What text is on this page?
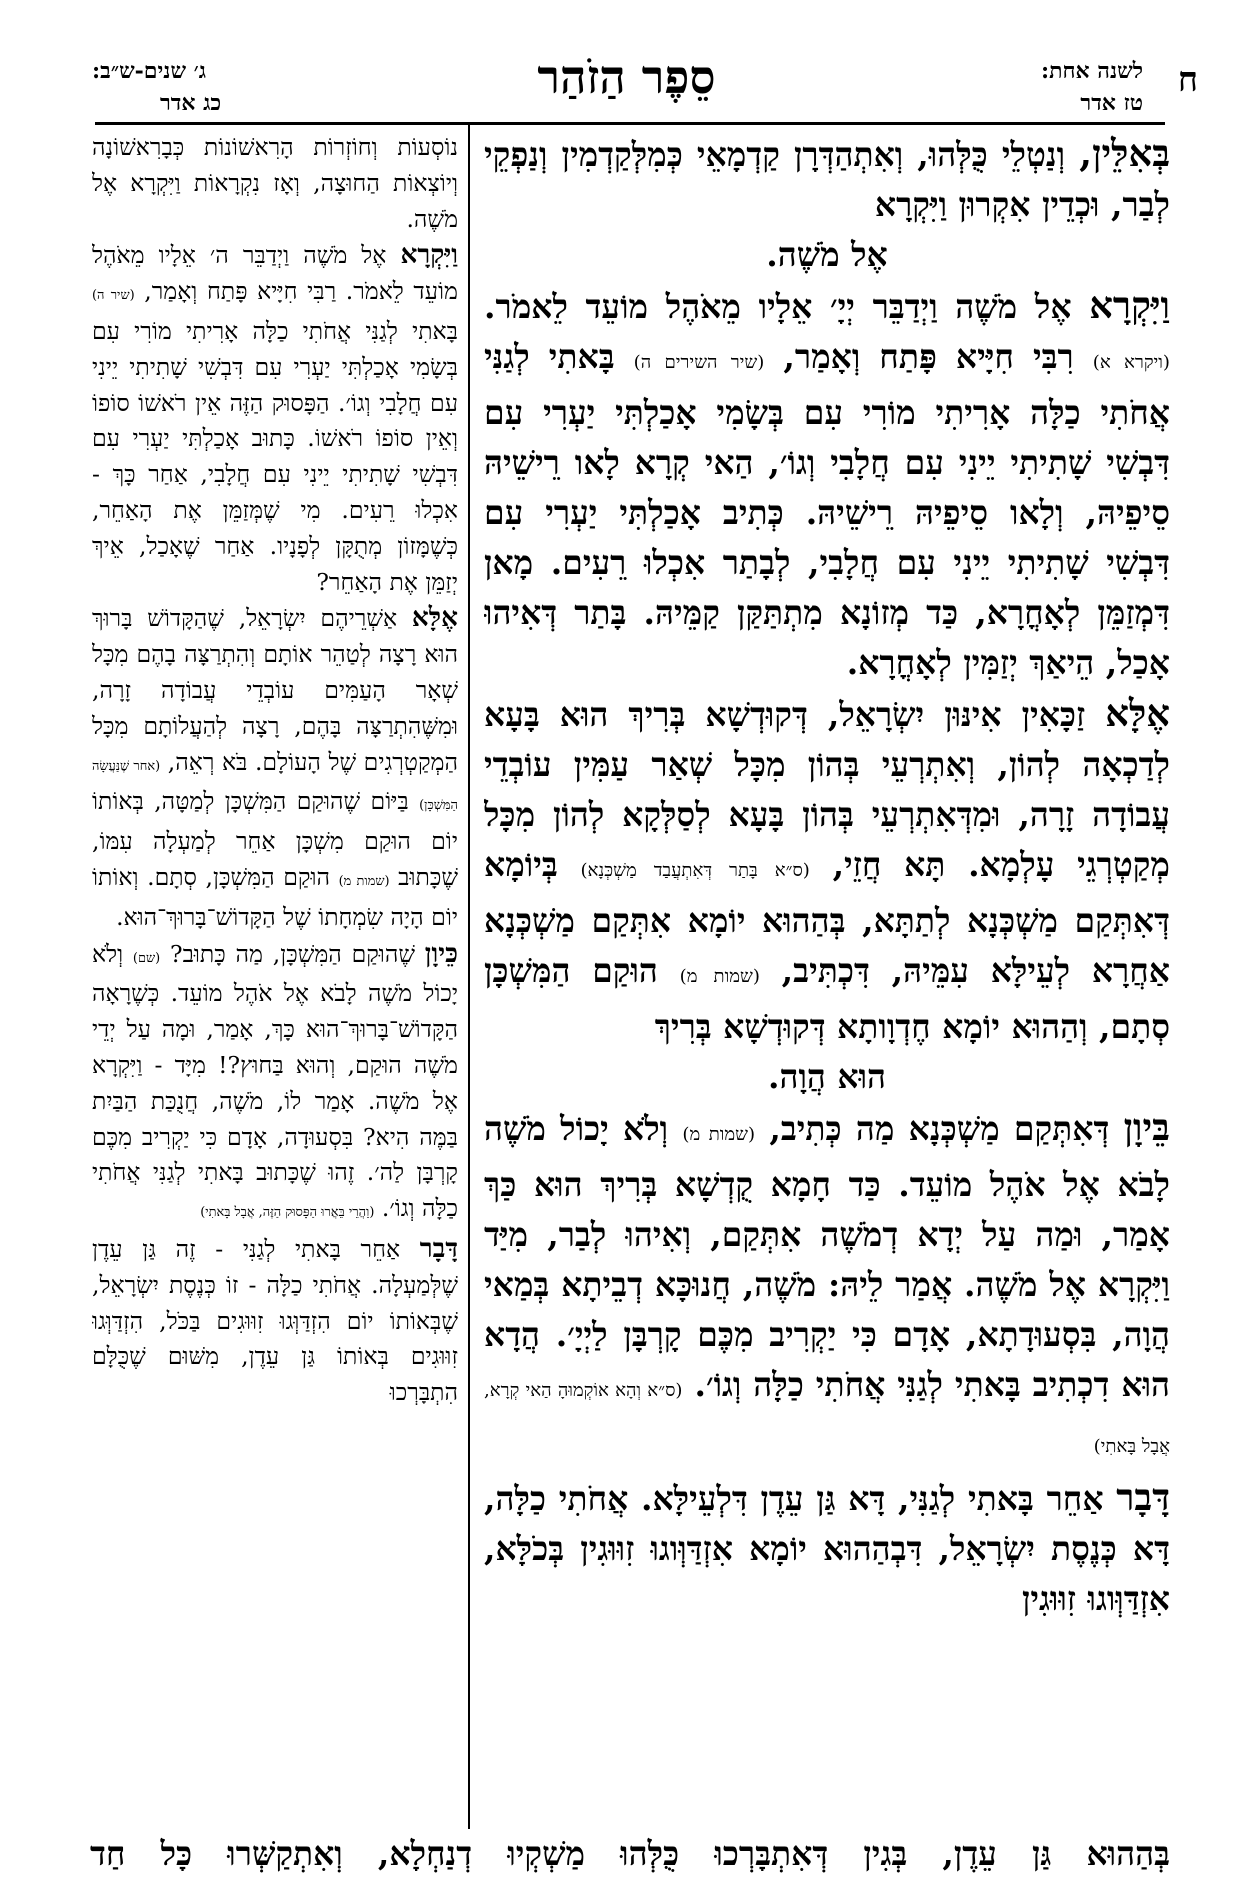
ח
לשנה אחת:
טז אדר
סֵפֶר הַזֹהַר
ג׳ שנים-ש״ב:
כג אדר

בְּאִלֵּין, וְנַטְלֵי כֻּלְּהוּ, וְאִתְהַדְּרָן קַדְמָאֵי כְּמִלְּקַדְמִין וְנַפְקֵי לְבַר, וּכְדֵין אִקְרוּן וַיִּקְרָא

אֶל מֹשֶׁה.

וַיִּקְרָא אֶל מֹשֶׁה וַיְדַבֵּר יְיָ׳ אֵלָיו מֵאֹהֶל מוֹעֵד לֵאמֹר. (ויקרא א) רִבִּי חִיָּיא פָּתַח וְאָמַר, (שיר השירים ה) בָּאתִי לְגַנִּי אֲחֹתִי כַלָּה אָרִיתִי מוֹרִי עִם בְּשָׂמִי אָכַלְתִּי יַעְרִי עִם דִּבְשִׁי שָׁתִיתִי יֵינִי עִם חֲלָבִי וְגוֹ׳, הַאי קְרָא לָאו רֵישֵׁיהּ סֵיפֵיהּ, וְלָאו סֵיפֵיהּ רֵישֵׁיהּ. כְּתִיב אָכַלְתִּי יַעְרִי עִם דִּבְשִׁי שָׁתִיתִי יֵינִי עִם חֲלָבִי, לְבָתַר אִכְלוּ רֵעִים. מָאן דִּמְזַמֵּן לְאָחֳרָא, כַּד מְזוֹנָא מִתְתַּקַּן קַמֵּיהּ. בָּתַר דְּאִיהוּ אָכַל, הֵיאַךְ יְזַמִּין לְאָחֳרָא.

אֶלָּא זַכָּאִין אִינּוּן יִשְׂרָאֵל, דְּקוּדְשָׁא בְּרִיךְ הוּא בָּעָא לְדַכְאָה לְהוֹן, וְאִתְרְעֵי בְּהוֹן מִכָּל שְׁאַר עַמִּין עוֹבְדֵי עֲבוֹדָה זָרָה, וּמִדְּאִתְרְעֵי בְּהוֹן בָּעָא לְסַלְּקָא לְהוֹן מִכָּל מְקַטְרְגֵי עָלְמָא. תָּא חֲזֵי, (ס״א בָּתַר דְּאִתְעֲבַד מַשְׁכְּנָא) בְּיוֹמָא דְּאִתְּקַם מַשְׁכְּנָא לְתַתָּא, בְּהַהוּא יוֹמָא אִתְּקַם מַשְׁכְּנָא אַחֲרָא לְעֵילָּא עִמֵּיהּ, דִּכְתִּיב, (שמות מ) הוּקַם הַמִּשְׁכָּן סְתָם, וְהַהוּא יוֹמָא חֶדְוָותָא דְּקוּדְשָׁא בְּרִיךְ

הוּא הֲוָה.

בֵּיוָן דְּאִתְּקַם מַשְׁכְּנָא מַה כְּתִיב, (שמות מ) וְלֹא יָכוֹל מֹשֶׁה לָבֹא אֶל אֹהֶל מוֹעֵד. כַּד חָמָא קֻדְשָׁא בְּרִיךְ הוּא כַּךְ אָמַר, וּמַה עַל יְדָא דְמֹשֶׁה אִתְּקַם, וְאִיהוּ לְבַר, מִיַּד וַיִּקְרָא אֶל מֹשֶׁה. אֲמַר לֵיהּ: מֹשֶׁה, חֲנוּכָּא דְבֵיתָא בְּמַאי הֲוָה, בִּסְעוּדָתָא, אָדָם כִּי יַקְרִיב מִכֶּם קָרְבָּן לַיְיָ׳. הֲדָא הוּא דִכְתִיב בָּאתִי לְגַנִּי אֲחֹתִי כַלָּה וְגוֹ׳. (ס״א וְהָא אוֹקְמוּהָ הַאי קְרָא, אֲבָל בָּאתִי)

דָּבָר אַחֵר בָּאתִי לְגַנִּי, דָּא גַּן עֵדֶן דִּלְעֵילָּא. אֲחֹתִי כַלָּה, דָּא כְּנֶסֶת יִשְׂרָאֵל, דִּבְהַהוּא יוֹמָא אִזְדַּוְּוגוּ זִוּוּגִין בְּכֹלָּא, אִזְדַּוְּוגוּ זִוּוּגִין

נוֹסְעוֹת וְחוֹזְרוֹת הָרִאשׁוֹנוֹת כְּבָרִאשׁוֹנָה וְיוֹצְאוֹת הַחוּצָה, וְאָז נִקְרָאוֹת וַיִּקְרָא אֶל מֹשֶׁה.

וַיִּקְרָא אֶל מֹשֶׁה וַיְדַבֵּר ה׳ אֵלָיו מֵאֹהֶל מוֹעֵד לֵאמֹר. רַבִּי חִיָּיא פָּתַח וְאָמַר, (שיר ה) בָּאתִי לְגַנִּי אֲחֹתִי כַלָּה אָרִיתִי מוֹרִי עִם בְּשָׂמִי אָכַלְתִּי יַעְרִי עִם דִּבְשִׁי שָׁתִיתִי יֵינִי עִם חֲלָבִי וְגוֹ׳. הַפָּסוּק הַזֶּה אֵין רֹאשׁוֹ סוֹפוֹ וְאֵין סוֹפוֹ רֹאשׁוֹ. כָּתוּב אָכַלְתִּי יַעְרִי עִם דִּבְשִׁי שָׁתִיתִי יֵינִי עִם חֲלָבִי, אַחַר כָּךְ - אִכְלוּ רֵעִים. מִי שֶׁמְּזַמֵּן אֶת הָאַחֵר, כְּשֶׁמָּזוֹן מְתֻקָּן לְפָנָיו. אַחַר שֶׁאָכַל, אֵיךְ יְזַמֵּן אֶת הָאַחֵר?

אֶלָּא אַשְׁרֵיהֶם יִשְׂרָאֵל, שֶׁהַקָּדוֹשׁ בָּרוּךְ הוּא רָצָה לְטַהֵר אוֹתָם וְהִתְרַצָּה בָהֶם מִכָּל שְׁאָר הָעַמִּים עוֹבְדֵי עֲבוֹדָה זָרָה, וּמִשֶּׁהִתְרַצָּה בָּהֶם, רָצָה לְהַעֲלוֹתָם מִכָּל הַמְקַטְרְגִים שֶׁל הָעוֹלָם. בֹּא רְאֵה, (אחר שֶׁנַּעֲשָׂה הַמִּשְׁכָּן) בַּיּוֹם שֶׁהוּקַם הַמִּשְׁכָּן לְמַטָּה, בְּאוֹתוֹ יוֹם הוּקַם מִשְׁכָּן אַחֵר לְמַעְלָה עִמּוֹ, שֶׁכָּתוּב (שמות מ) הוּקַם הַמִּשְׁכָּן, סְתָם. וְאוֹתוֹ יוֹם הָיָה שִׂמְחָתוֹ שֶׁל הַקָּדוֹשׁ־בָּרוּךְ־הוּא.

כֵּיוָן שֶׁהוּקַם הַמִּשְׁכָּן, מַה כָּתוּב? (שם) וְלֹא יָכוֹל מֹשֶׁה לָבֹא אֶל אֹהֶל מוֹעֵד. כְּשֶׁרָאָה הַקָּדוֹשׁ־בָּרוּךְ־הוּא כָּךְ, אָמַר, וּמָה עַל יְדֵי מֹשֶׁה הוּקַם, וְהוּא בַּחוּץ?! מִיָּד - וַיִּקְרָא אֶל מֹשֶׁה. אָמַר לוֹ, מֹשֶׁה, חֲנֻכַּת הַבַּיִת בַּמֶּה הִיא? בִּסְעוּדָה, אָדָם כִּי יַקְרִיב מִכֶּם קָרְבָּן לַה׳. זֶהוּ שֶׁכָּתוּב בָּאתִי לְגַנִּי אֲחֹתִי כַלָּה וְגוֹ׳. (וַהֲרֵי בֵּאֲרוּ הַפָּסוּק הַזֶּה, אֲבָל בָּאתִי)

דָּבָר אַחֵר בָּאתִי לְגַנִּי - זֶה גַּן עֵדֶן שֶׁלְּמַעְלָה. אֲחֹתִי כַלָּה - זוֹ כְּנֶסֶת יִשְׂרָאֵל, שֶׁבְּאוֹתוֹ יוֹם הִזְדַּוְּגוּ זִוּוּגִים בַּכֹּל, הִזְדַּוְּגוּ זִוּוּגִים בְּאוֹתוֹ גַּן עֵדֶן, מִשּׁוּם שֶׁכֻּלָּם הִתְבָּרְכוּ

בְּהַהוּא גַּן עֵדֶן, בְּגִין דְּאִתְבָּרְכוּ כֻּלְּהוּ מַשְׁקְיוּ דְנַחְלָא, וְאִתְקַשְּׁרוּ כָּל חַד
